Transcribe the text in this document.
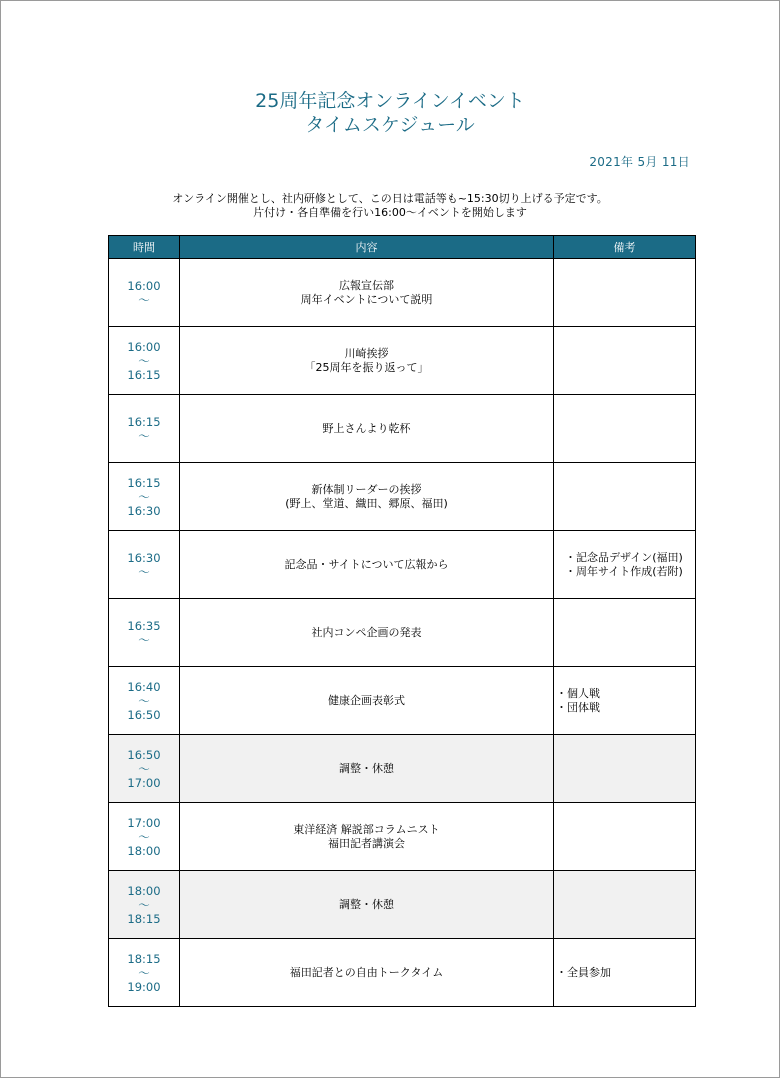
25周年記念オンラインイベント
タイムスケジュール
2021年 5月 11日
オンライン開催とし、社内研修として、この日は電話等も~15:30切り上げる予定です。
片付け・各自準備を行い16:00～イベントを開始します
時間	内容	備考

16:00
～	広報宣伝部
周年イベントについて説明	

16:00
～
16:15	川崎挨拶
「25周年を振り返って」	

16:15
～	野上さんより乾杯	

16:15
～
16:30	新体制リーダーの挨拶
(野上、堂道、織田、郷原、福田)	

16:30
～	記念品・サイトについて広報から	・記念品デザイン(福田)
・周年サイト作成(若附)

16:35
～	社内コンペ企画の発表	

16:40
～
16:50	健康企画表彰式	・個人戦
・団体戦

16:50
～
17:00	調整・休憩	

17:00
～
18:00	東洋経済 解説部コラムニスト
福田記者講演会	

18:00
～
18:15	調整・休憩	

18:15
～
19:00	福田記者との自由トークタイム	・全員参加
